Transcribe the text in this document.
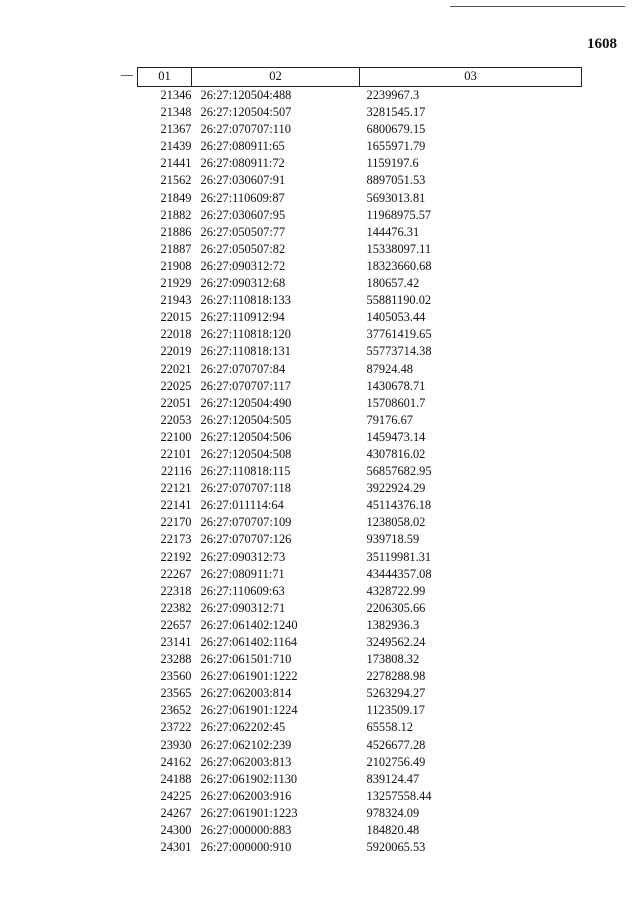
1608
01	02	03
21346	26:27:120504:488	2239967.3
21348	26:27:120504:507	3281545.17
21367	26:27:070707:110	6800679.15
21439	26:27:080911:65	1655971.79
21441	26:27:080911:72	1159197.6
21562	26:27:030607:91	8897051.53
21849	26:27:110609:87	5693013.81
21882	26:27:030607:95	11968975.57
21886	26:27:050507:77	144476.31
21887	26:27:050507:82	15338097.11
21908	26:27:090312:72	18323660.68
21929	26:27:090312:68	180657.42
21943	26:27:110818:133	55881190.02
22015	26:27:110912:94	1405053.44
22018	26:27:110818:120	37761419.65
22019	26:27:110818:131	55773714.38
22021	26:27:070707:84	87924.48
22025	26:27:070707:117	1430678.71
22051	26:27:120504:490	15708601.7
22053	26:27:120504:505	79176.67
22100	26:27:120504:506	1459473.14
22101	26:27:120504:508	4307816.02
22116	26:27:110818:115	56857682.95
22121	26:27:070707:118	3922924.29
22141	26:27:011114:64	45114376.18
22170	26:27:070707:109	1238058.02
22173	26:27:070707:126	939718.59
22192	26:27:090312:73	35119981.31
22267	26:27:080911:71	43444357.08
22318	26:27:110609:63	4328722.99
22382	26:27:090312:71	2206305.66
22657	26:27:061402:1240	1382936.3
23141	26:27:061402:1164	3249562.24
23288	26:27:061501:710	173808.32
23560	26:27:061901:1222	2278288.98
23565	26:27:062003:814	5263294.27
23652	26:27:061901:1224	1123509.17
23722	26:27:062202:45	65558.12
23930	26:27:062102:239	4526677.28
24162	26:27:062003:813	2102756.49
24188	26:27:061902:1130	839124.47
24225	26:27:062003:916	13257558.44
24267	26:27:061901:1223	978324.09
24300	26:27:000000:883	184820.48
24301	26:27:000000:910	5920065.53
